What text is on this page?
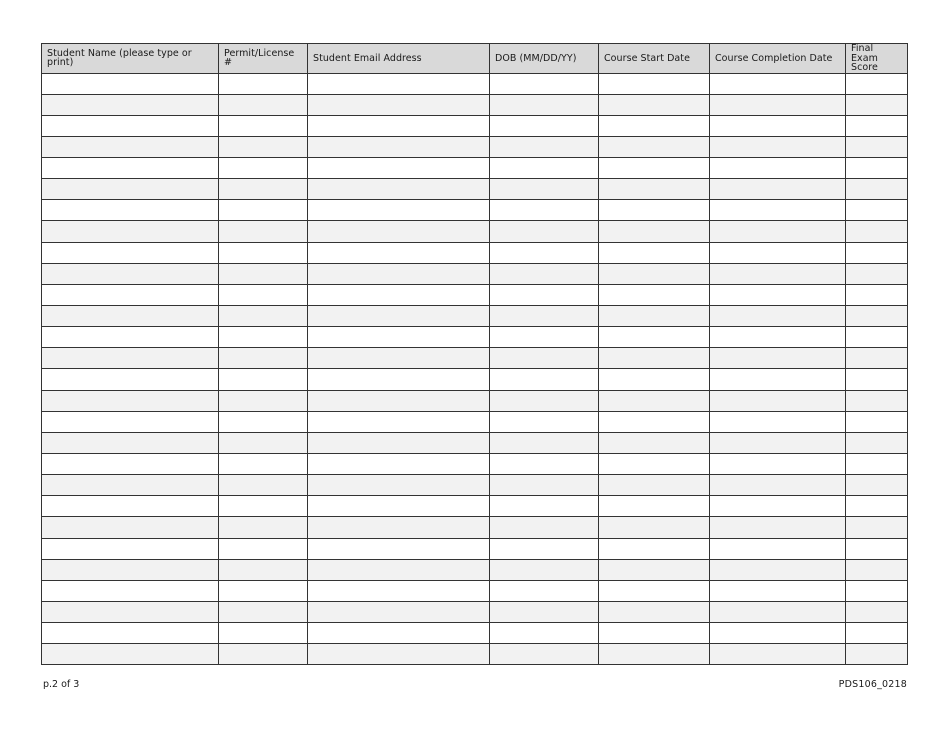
Student Name (please type or print)	Permit/License #	Student Email Address	DOB (MM/DD/YY)	Course Start Date	Course Completion Date	Final Exam Score

p.2 of 3	PDS106_0218
